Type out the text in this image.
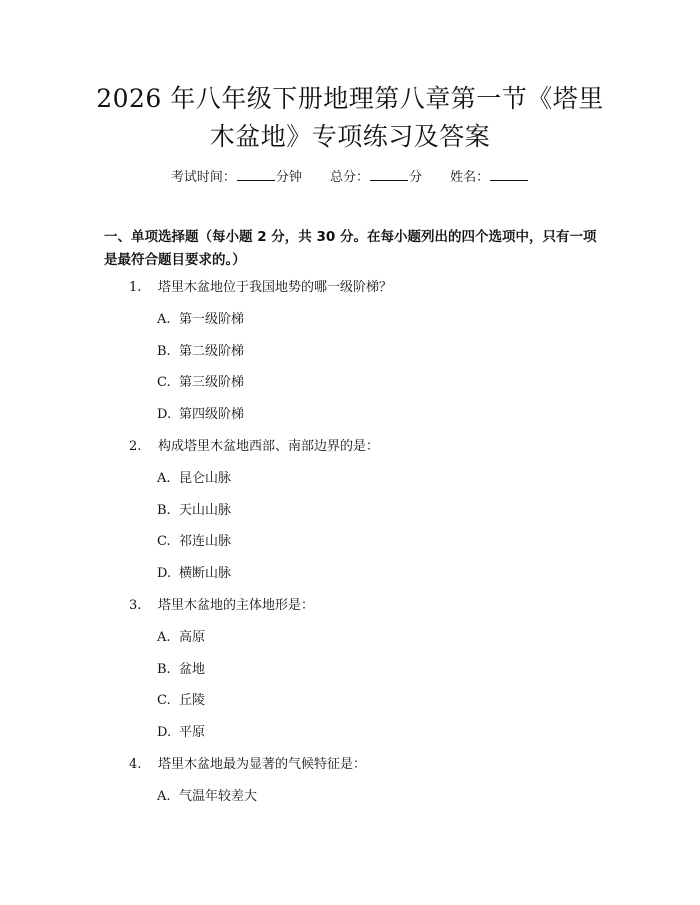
2026 年八年级下册地理第八章第一节《塔里
木盆地》专项练习及答案
考试时间：	分钟 总分：	分 姓名：
一、单项选择题（每小题 2 分，共 30 分。在每小题列出的四个选项中，只有一项
是最符合题目要求的。）
1. 塔里木盆地位于我国地势的哪一级阶梯？
A. 第一级阶梯
B. 第二级阶梯
C. 第三级阶梯
D. 第四级阶梯
2. 构成塔里木盆地西部、南部边界的是：
A. 昆仑山脉
B. 天山山脉
C. 祁连山脉
D. 横断山脉
3. 塔里木盆地的主体地形是：
A. 高原
B. 盆地
C. 丘陵
D. 平原
4. 塔里木盆地最为显著的气候特征是：
A. 气温年较差大
